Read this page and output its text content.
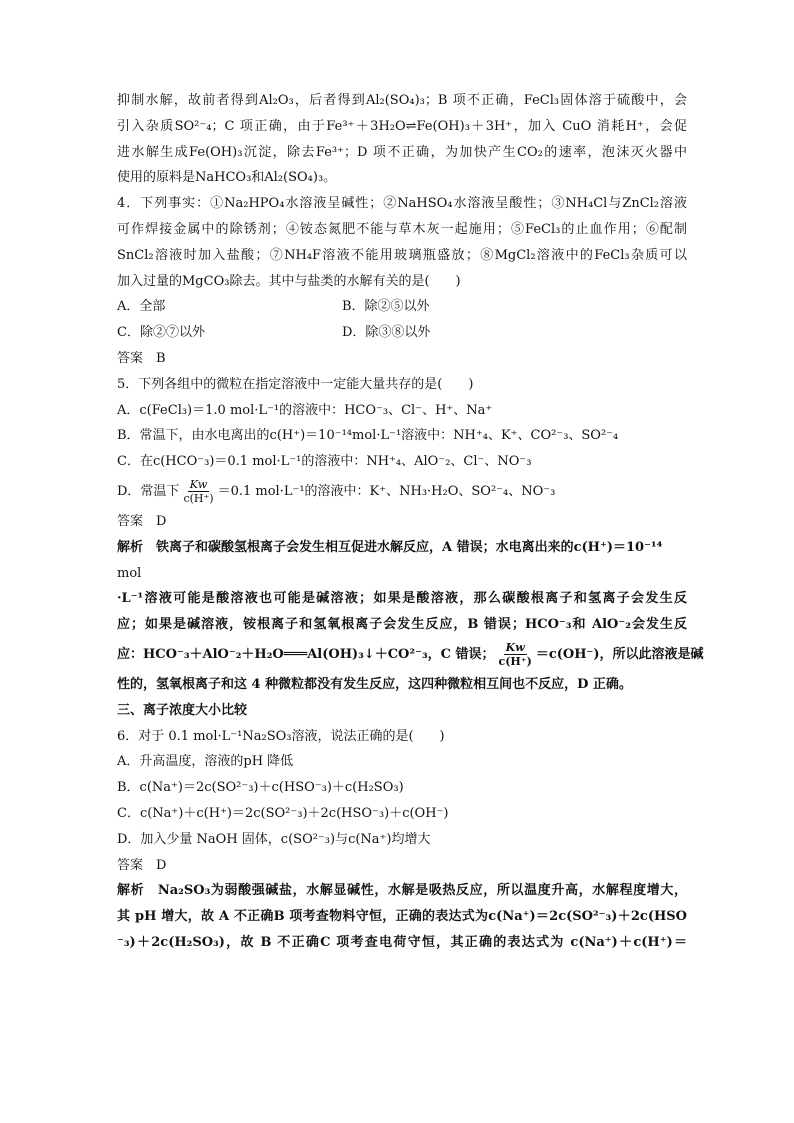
抑制水解，故前者得到Al₂O₃，后者得到Al₂(SO₄)₃；B 项不正确，FeCl₃固体溶于硫酸中，会
引入杂质SO²⁻₄；C 项正确，由于Fe³⁺＋3H₂O⇌Fe(OH)₃＋3H⁺，加入 CuO 消耗H⁺，会促
进水解生成Fe(OH)₃沉淀，除去Fe³⁺；D 项不正确，为加快产生CO₂的速率，泡沫灭火器中
使用的原料是NaHCO₃和Al₂(SO₄)₃。
4．下列事实：①Na₂HPO₄水溶液呈碱性；②NaHSO₄水溶液呈酸性；③NH₄Cl与ZnCl₂溶液
可作焊接金属中的除锈剂；④铵态氮肥不能与草木灰一起施用；⑤FeCl₃的止血作用；⑥配制
SnCl₂溶液时加入盐酸；⑦NH₄F溶液不能用玻璃瓶盛放；⑧MgCl₂溶液中的FeCl₃杂质可以
加入过量的MgCO₃除去。其中与盐类的水解有关的是(　　)
A．全部	B．除②⑤以外
C．除②⑦以外	D．除③⑧以外
答案　B
5．下列各组中的微粒在指定溶液中一定能大量共存的是(　　)
A．c(FeCl₃)＝1.0 mol·L⁻¹的溶液中：HCO⁻₃、Cl⁻、H⁺、Na⁺
B．常温下，由水电离出的c(H⁺)＝10⁻¹⁴mol·L⁻¹溶液中：NH⁺₄、K⁺、CO²⁻₃、SO²⁻₄
C．在c(HCO⁻₃)＝0.1 mol·L⁻¹的溶液中：NH⁺₄、AlO⁻₂、Cl⁻、NO⁻₃
D．常温下 $\frac{Kw}{c(H^+)} =0.1$ mol·L⁻¹的溶液中：K⁺、NH₃·H₂O、SO²⁻₄、NO⁻₃
答案　D
解析　铁离子和碳酸氢根离子会发生相互促进水解反应，A 错误；水电离出来的c(H⁺)＝10⁻¹⁴
mol
·L⁻¹溶液可能是酸溶液也可能是碱溶液；如果是酸溶液，那么碳酸根离子和氢离子会发生反
应；如果是碱溶液，铵根离子和氢氧根离子会发生反应，B 错误；HCO⁻₃和 AlO⁻₂会发生反
应：HCO⁻₃＋AlO⁻₂＋H₂O═══Al(OH)₃↓＋CO²⁻₃，C 错误； $\frac{Kw}{c(H^+)} =c(OH^-)$，所以此溶液是碱
性的，氢氧根离子和这 4 种微粒都没有发生反应，这四种微粒相互间也不反应，D 正确。
三、离子浓度大小比较
6．对于 0.1 mol·L⁻¹Na₂SO₃溶液，说法正确的是(　　)
A．升高温度，溶液的pH 降低
B．c(Na⁺)＝2c(SO²⁻₃)＋c(HSO⁻₃)＋c(H₂SO₃)
C．c(Na⁺)＋c(H⁺)＝2c(SO²⁻₃)＋2c(HSO⁻₃)＋c(OH⁻)
D．加入少量 NaOH 固体，c(SO²⁻₃)与c(Na⁺)均增大
答案　D
解析　Na₂SO₃为弱酸强碱盐，水解显碱性，水解是吸热反应，所以温度升高，水解程度增大，
其 pH 增大，故 A 不正确B 项考查物料守恒，正确的表达式为c(Na⁺)＝2c(SO²⁻₃)＋2c(HSO
⁻₃)＋2c(H₂SO₃)，故 B 不正确C 项考查电荷守恒，其正确的表达式为 c(Na⁺)＋c(H⁺)＝
